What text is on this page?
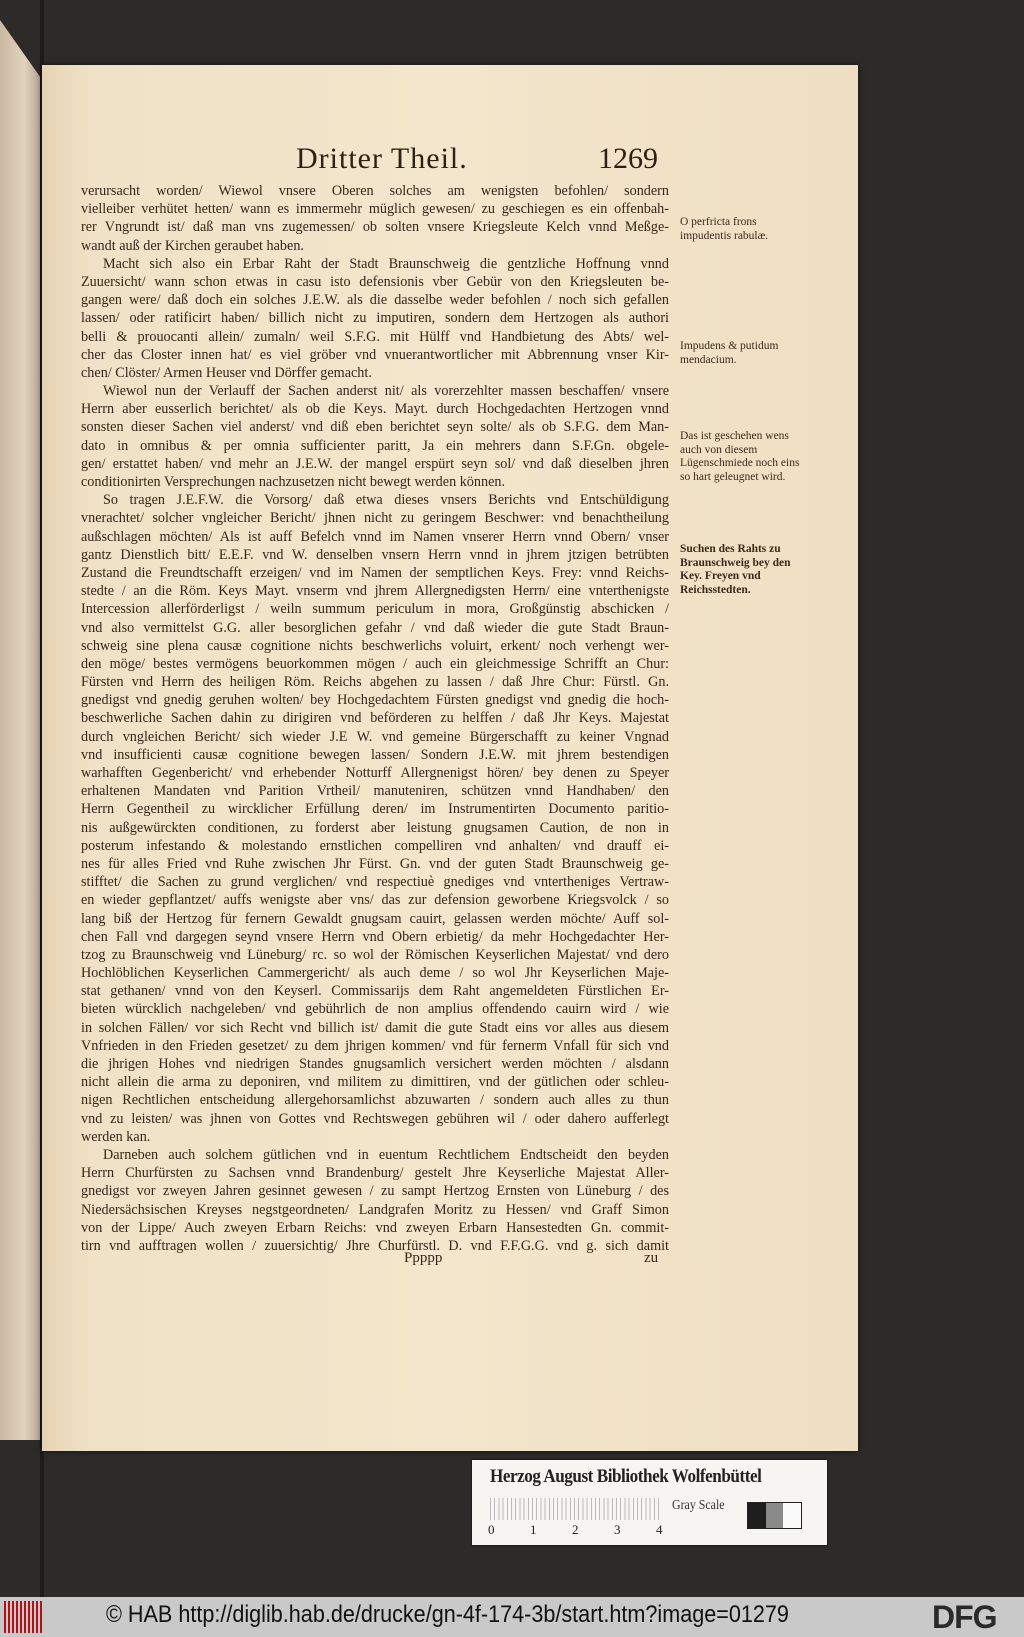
Dritter Theil.	1269
verursacht worden/ Wiewol vnsere Oberen solches am wenigsten befohlen/ sondern
vielleiber verhütet hetten/ wann es immermehr müglich gewesen/ zu geschiegen es ein offenbah-
rer Vngrundt ist/ daß man vns zugemessen/ ob solten vnsere Kriegsleute Kelch vnnd Meßge-
wandt auß der Kirchen geraubet haben.
Macht sich also ein Erbar Raht der Stadt Braunschweig die gentzliche Hoffnung vnnd
Zuuersicht/ wann schon etwas in casu isto defensionis vber Gebür von den Kriegsleuten be-
gangen were/ daß doch ein solches J.E.W. als die dasselbe weder befohlen / noch sich gefallen
lassen/ oder ratificirt haben/ billich nicht zu imputiren, sondern dem Hertzogen als authori
belli & prouocanti allein/ zumaln/ weil S.F.G. mit Hülff vnd Handbietung des Abts/ wel-
cher das Closter innen hat/ es viel gröber vnd vnuerantwortlicher mit Abbrennung vnser Kir-
chen/ Clöster/ Armen Heuser vnd Dörffer gemacht.
Wiewol nun der Verlauff der Sachen anderst nit/ als vorerzehlter massen beschaffen/ vnsere
Herrn aber eusserlich berichtet/ als ob die Keys. Mayt. durch Hochgedachten Hertzogen vnnd
sonsten dieser Sachen viel anderst/ vnd diß eben berichtet seyn solte/ als ob S.F.G. dem Man-
dato in omnibus & per omnia sufficienter paritt, Ja ein mehrers dann S.F.Gn. obgele-
gen/ erstattet haben/ vnd mehr an J.E.W. der mangel erspürt seyn sol/ vnd daß dieselben jhren
conditionirten Versprechungen nachzusetzen nicht bewegt werden können.
So tragen J.E.F.W. die Vorsorg/ daß etwa dieses vnsers Berichts vnd Entschüldigung
vnerachtet/ solcher vngleicher Bericht/ jhnen nicht zu geringem Beschwer: vnd benachtheilung
außschlagen möchten/ Als ist auff Befelch vnnd im Namen vnserer Herrn vnnd Obern/ vnser
gantz Dienstlich bitt/ E.E.F. vnd W. denselben vnsern Herrn vnnd in jhrem jtzigen betrübten
Zustand die Freundtschafft erzeigen/ vnd im Namen der semptlichen Keys. Frey: vnnd Reichs-
stedte / an die Röm. Keys Mayt. vnserm vnd jhrem Allergnedigsten Herrn/ eine vnterthenigste
Intercession allerförderligst / weiln summum periculum in mora, Großgünstig abschicken /
vnd also vermittelst G.G. aller besorglichen gefahr / vnd daß wieder die gute Stadt Braun-
schweig sine plena causæ cognitione nichts beschwerlichs voluirt, erkent/ noch verhengt wer-
den möge/ bestes vermögens beuorkommen mögen / auch ein gleichmessige Schrifft an Chur:
Fürsten vnd Herrn des heiligen Röm. Reichs abgehen zu lassen / daß Jhre Chur: Fürstl. Gn.
gnedigst vnd gnedig geruhen wolten/ bey Hochgedachtem Fürsten gnedigst vnd gnedig die hoch-
beschwerliche Sachen dahin zu dirigiren vnd beförderen zu helffen / daß Jhr Keys. Majestat
durch vngleichen Bericht/ sich wieder J.E W. vnd gemeine Bürgerschafft zu keiner Vngnad
vnd insufficienti causæ cognitione bewegen lassen/ Sondern J.E.W. mit jhrem bestendigen
warhafften Gegenbericht/ vnd erhebender Notturff Allergnenigst hören/ bey denen zu Speyer
erhaltenen Mandaten vnd Parition Vrtheil/ manuteniren, schützen vnnd Handhaben/ den
Herrn Gegentheil zu wircklicher Erfüllung deren/ im Instrumentirten Documento paritio-
nis außgewürckten conditionen, zu forderst aber leistung gnugsamen Caution, de non in
posterum infestando & molestando ernstlichen compelliren vnd anhalten/ vnd drauff ei-
nes für alles Fried vnd Ruhe zwischen Jhr Fürst. Gn. vnd der guten Stadt Braunschweig ge-
stifftet/ die Sachen zu grund verglichen/ vnd respectiuè gnediges vnd vntertheniges Vertraw-
en wieder gepflantzet/ auffs wenigste aber vns/ das zur defension geworbene Kriegsvolck / so
lang biß der Hertzog für fernern Gewaldt gnugsam cauirt, gelassen werden möchte/ Auff sol-
chen Fall vnd dargegen seynd vnsere Herrn vnd Obern erbietig/ da mehr Hochgedachter Her-
tzog zu Braunschweig vnd Lüneburg/ rc. so wol der Römischen Keyserlichen Majestat/ vnd dero
Hochlöblichen Keyserlichen Cammergericht/ als auch deme / so wol Jhr Keyserlichen Maje-
stat gethanen/ vnnd von den Keyserl. Commissarijs dem Raht angemeldeten Fürstlichen Er-
bieten würcklich nachgeleben/ vnd gebührlich de non amplius offendendo cauirn wird / wie
in solchen Fällen/ vor sich Recht vnd billich ist/ damit die gute Stadt eins vor alles aus diesem
Vnfrieden in den Frieden gesetzet/ zu dem jhrigen kommen/ vnd für fernerm Vnfall für sich vnd
die jhrigen Hohes vnd niedrigen Standes gnugsamlich versichert werden möchten / alsdann
nicht allein die arma zu deponiren, vnd militem zu dimittiren, vnd der gütlichen oder schleu-
nigen Rechtlichen entscheidung allergehorsamlichst abzuwarten / sondern auch alles zu thun
vnd zu leisten/ was jhnen von Gottes vnd Rechtswegen gebühren wil / oder dahero aufferlegt
werden kan.
Darneben auch solchem gütlichen vnd in euentum Rechtlichem Endtscheidt den beyden
Herrn Churfürsten zu Sachsen vnnd Brandenburg/ gestelt Jhre Keyserliche Majestat Aller-
gnedigst vor zweyen Jahren gesinnet gewesen / zu sampt Hertzog Ernsten von Lüneburg / des
Niedersächsischen Kreyses negstgeordneten/ Landgrafen Moritz zu Hessen/ vnd Graff Simon
von der Lippe/ Auch zweyen Erbarn Reichs: vnd zweyen Erbarn Hansestedten Gn. commit-
tirn vnd aufftragen wollen / zuuersichtig/ Jhre Churfürstl. D. vnd F.F.G.G. vnd g. sich damit
O perfricta frons impudentis rabulæ.
Impudens & putidum mendacium.
Das ist geschehen wens auch von diesem Lügenschmiede noch eins so hart geleugnet wird.
Suchen des Rahts zu Braunschweig bey den Key. Freyen vnd Reichsstedten.
Ppppp	zu
Herzog August Bibliothek Wolfenbüttel
0	1	2	3	4
Gray Scale
© HAB http://diglib.hab.de/drucke/gn-4f-174-3b/start.htm?image=01279	DFG
